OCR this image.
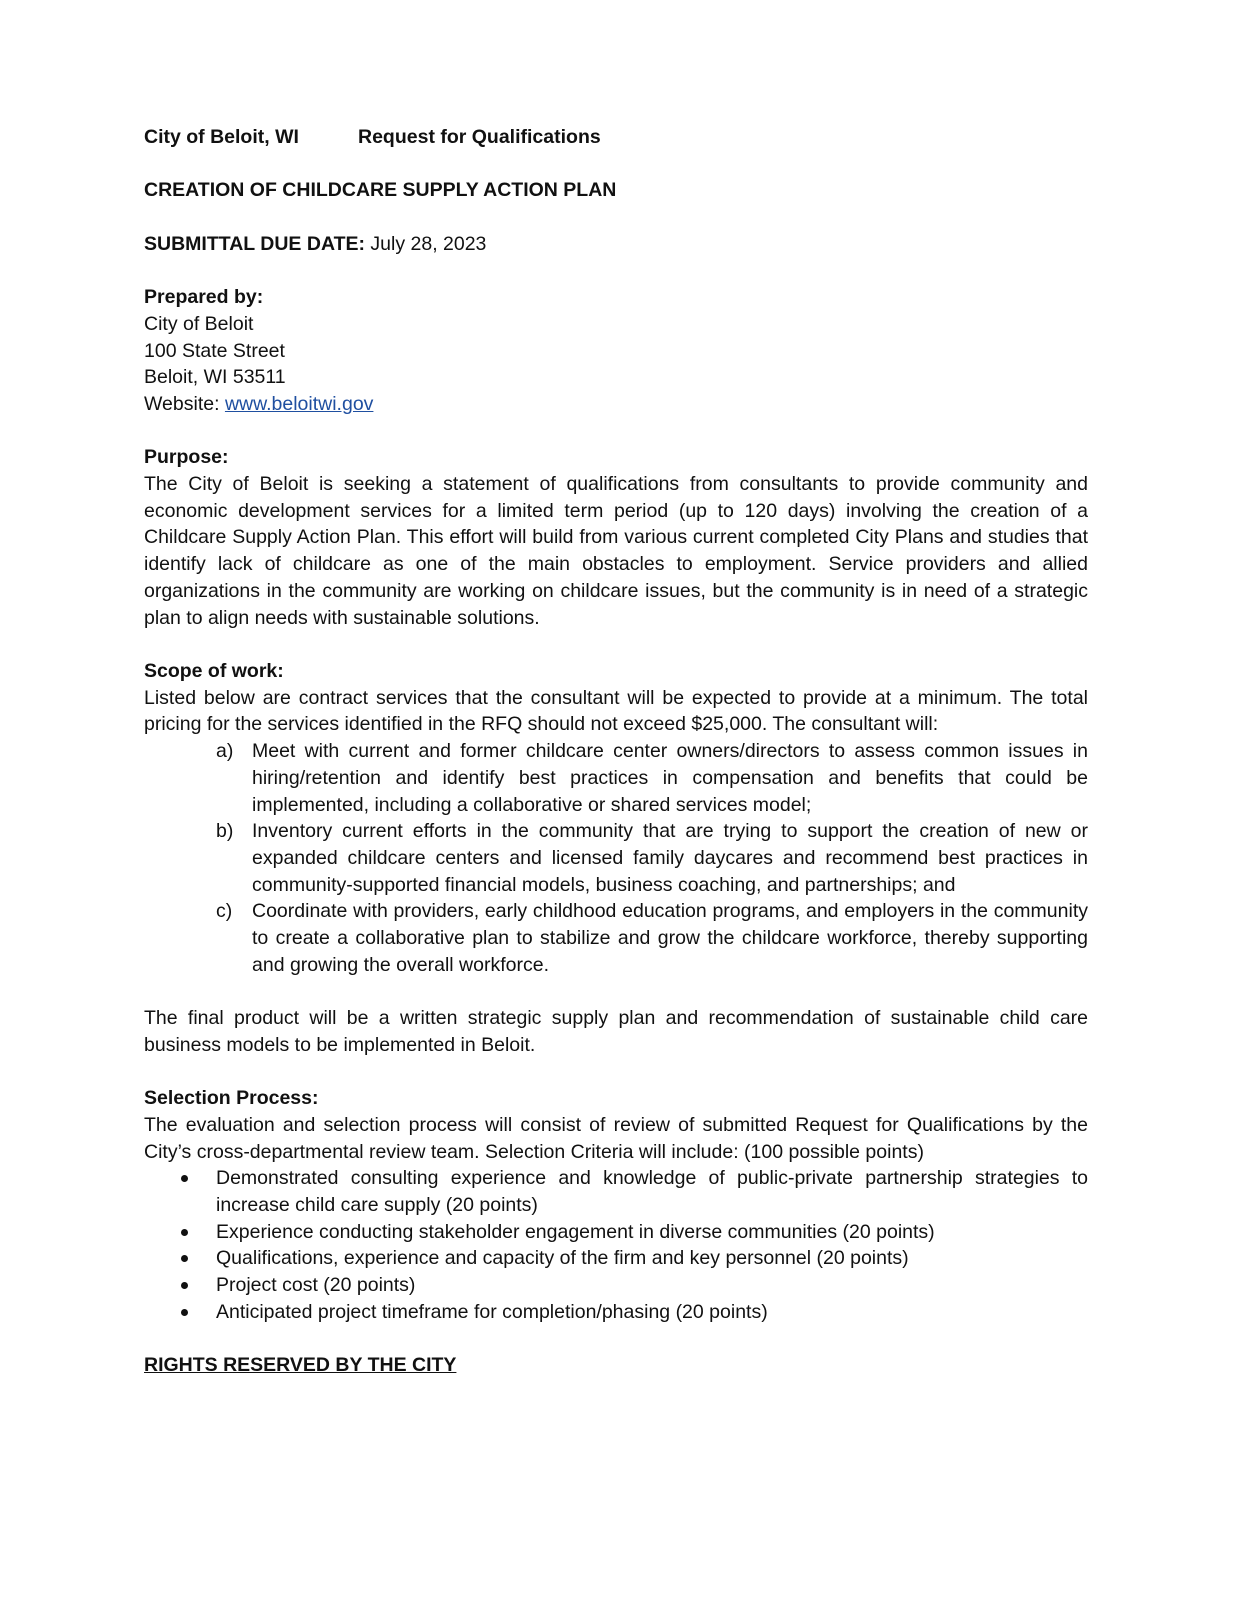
City of Beloit, WI	Request for Qualifications
CREATION OF CHILDCARE SUPPLY ACTION PLAN
SUBMITTAL DUE DATE: July 28, 2023
Prepared by:
City of Beloit
100 State Street
Beloit, WI 53511
Website: www.beloitwi.gov
Purpose:
The City of Beloit is seeking a statement of qualifications from consultants to provide community and economic development services for a limited term period (up to 120 days) involving the creation of a Childcare Supply Action Plan. This effort will build from various current completed City Plans and studies that identify lack of childcare as one of the main obstacles to employment. Service providers and allied organizations in the community are working on childcare issues, but the community is in need of a strategic plan to align needs with sustainable solutions.
Scope of work:
Listed below are contract services that the consultant will be expected to provide at a minimum. The total pricing for the services identified in the RFQ should not exceed $25,000. The consultant will:
a) Meet with current and former childcare center owners/directors to assess common issues in hiring/retention and identify best practices in compensation and benefits that could be implemented, including a collaborative or shared services model;
b) Inventory current efforts in the community that are trying to support the creation of new or expanded childcare centers and licensed family daycares and recommend best practices in community-supported financial models, business coaching, and partnerships; and
c)	Coordinate with providers, early childhood education programs, and employers in the community to create a collaborative plan to stabilize and grow the childcare workforce, thereby supporting and growing the overall workforce.
The final product will be a written strategic supply plan and recommendation of sustainable child care business models to be implemented in Beloit.
Selection Process:
The evaluation and selection process will consist of review of submitted Request for Qualifications by the City’s cross-departmental review team. Selection Criteria will include: (100 possible points)
Demonstrated consulting experience and knowledge of public-private partnership strategies to increase child care supply (20 points)
Experience conducting stakeholder engagement in diverse communities (20 points)
Qualifications, experience and capacity of the firm and key personnel (20 points)
Project cost (20 points)
Anticipated project timeframe for completion/phasing (20 points)
RIGHTS RESERVED BY THE CITY
